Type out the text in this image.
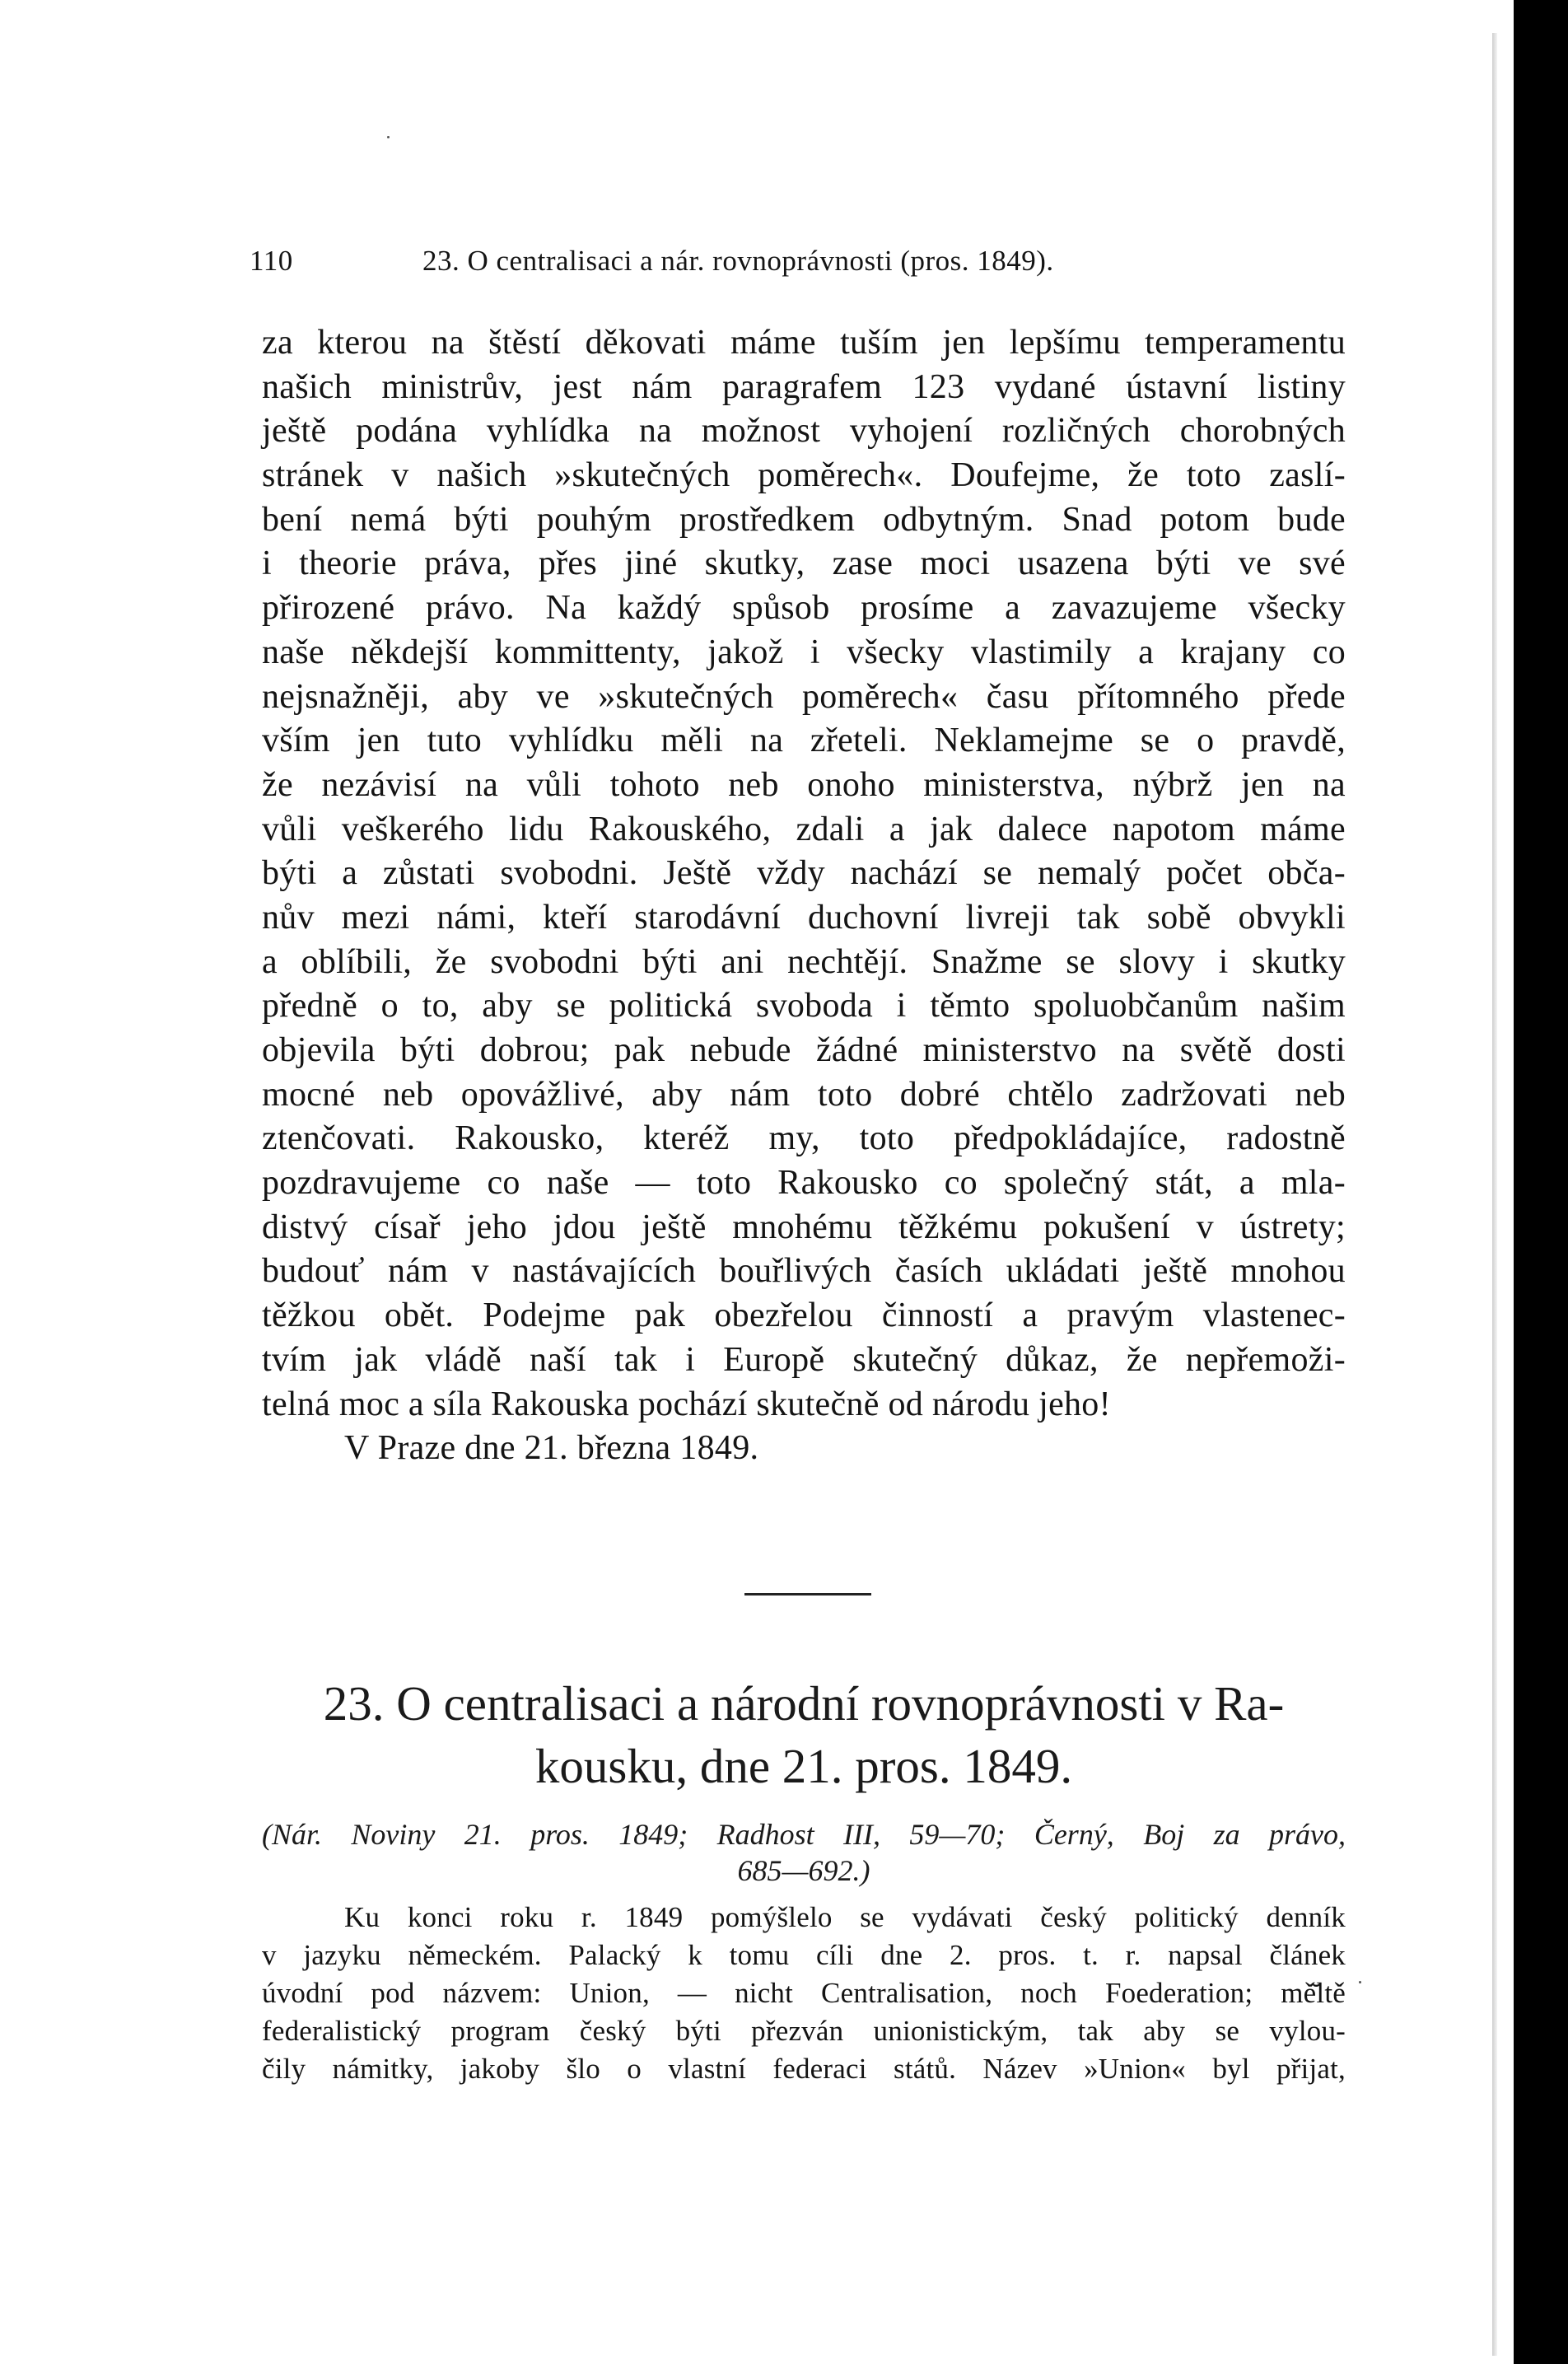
110	23. O centralisaci a nár. rovnoprávnosti (pros. 1849).
za kterou na štěstí děkovati máme tuším jen lepšímu temperamentu
našich ministrův, jest nám paragrafem 123 vydané ústavní listiny
ještě podána vyhlídka na možnost vyhojení rozličných chorobných
stránek v našich »skutečných poměrech«. Doufejme, že toto zaslí-
bení nemá býti pouhým prostředkem odbytným. Snad potom bude
i theorie práva, přes jiné skutky, zase moci usazena býti ve své
přirozené právo. Na každý spůsob prosíme a zavazujeme všecky
naše někdejší kommittenty, jakož i všecky vlastimily a krajany co
nejsnažněji, aby ve »skutečných poměrech« času přítomného přede
vším jen tuto vyhlídku měli na zřeteli. Neklamejme se o pravdě,
že nezávisí na vůli tohoto neb onoho ministerstva, nýbrž jen na
vůli veškerého lidu Rakouského, zdali a jak dalece napotom máme
býti a zůstati svobodni. Ještě vždy nachází se nemalý počet obča-
nův mezi námi, kteří starodávní duchovní livreji tak sobě obvykli
a oblíbili, že svobodni býti ani nechtějí. Snažme se slovy i skutky
předně o to, aby se politická svoboda i těmto spoluobčanům našim
objevila býti dobrou; pak nebude žádné ministerstvo na světě dosti
mocné neb opovážlivé, aby nám toto dobré chtělo zadržovati neb
ztenčovati. Rakousko, kteréž my, toto předpokládajíce, radostně
pozdravujeme co naše — toto Rakousko co společný stát, a mla-
distvý císař jeho jdou ještě mnohému těžkému pokušení v ústrety;
budouť nám v nastávajících bouřlivých časích ukládati ještě mnohou
těžkou obět. Podejme pak obezřelou činností a pravým vlastenec-
tvím jak vládě naší tak i Europě skutečný důkaz, že nepřemoži-
telná moc a síla Rakouska pochází skutečně od národu jeho!
V Praze dne 21. března 1849.
23. O centralisaci a národní rovnoprávnosti v Ra-
kousku, dne 21. pros. 1849.
(Nár. Noviny 21. pros. 1849; Radhost III, 59—70; Černý, Boj za právo,
685—692.)
Ku konci roku r. 1849 pomýšlelo se vydávati český politický denník
v jazyku německém. Palacký k tomu cíli dne 2. pros. t. r. napsal článek
úvodní pod názvem: Union, — nicht Centralisation, noch Foederation; mě̆ltě
federalistický program český býti přezván unionistickým, tak aby se vylou-
čily námitky, jakoby šlo o vlastní federaci států. Název »Union« byl přijat,
